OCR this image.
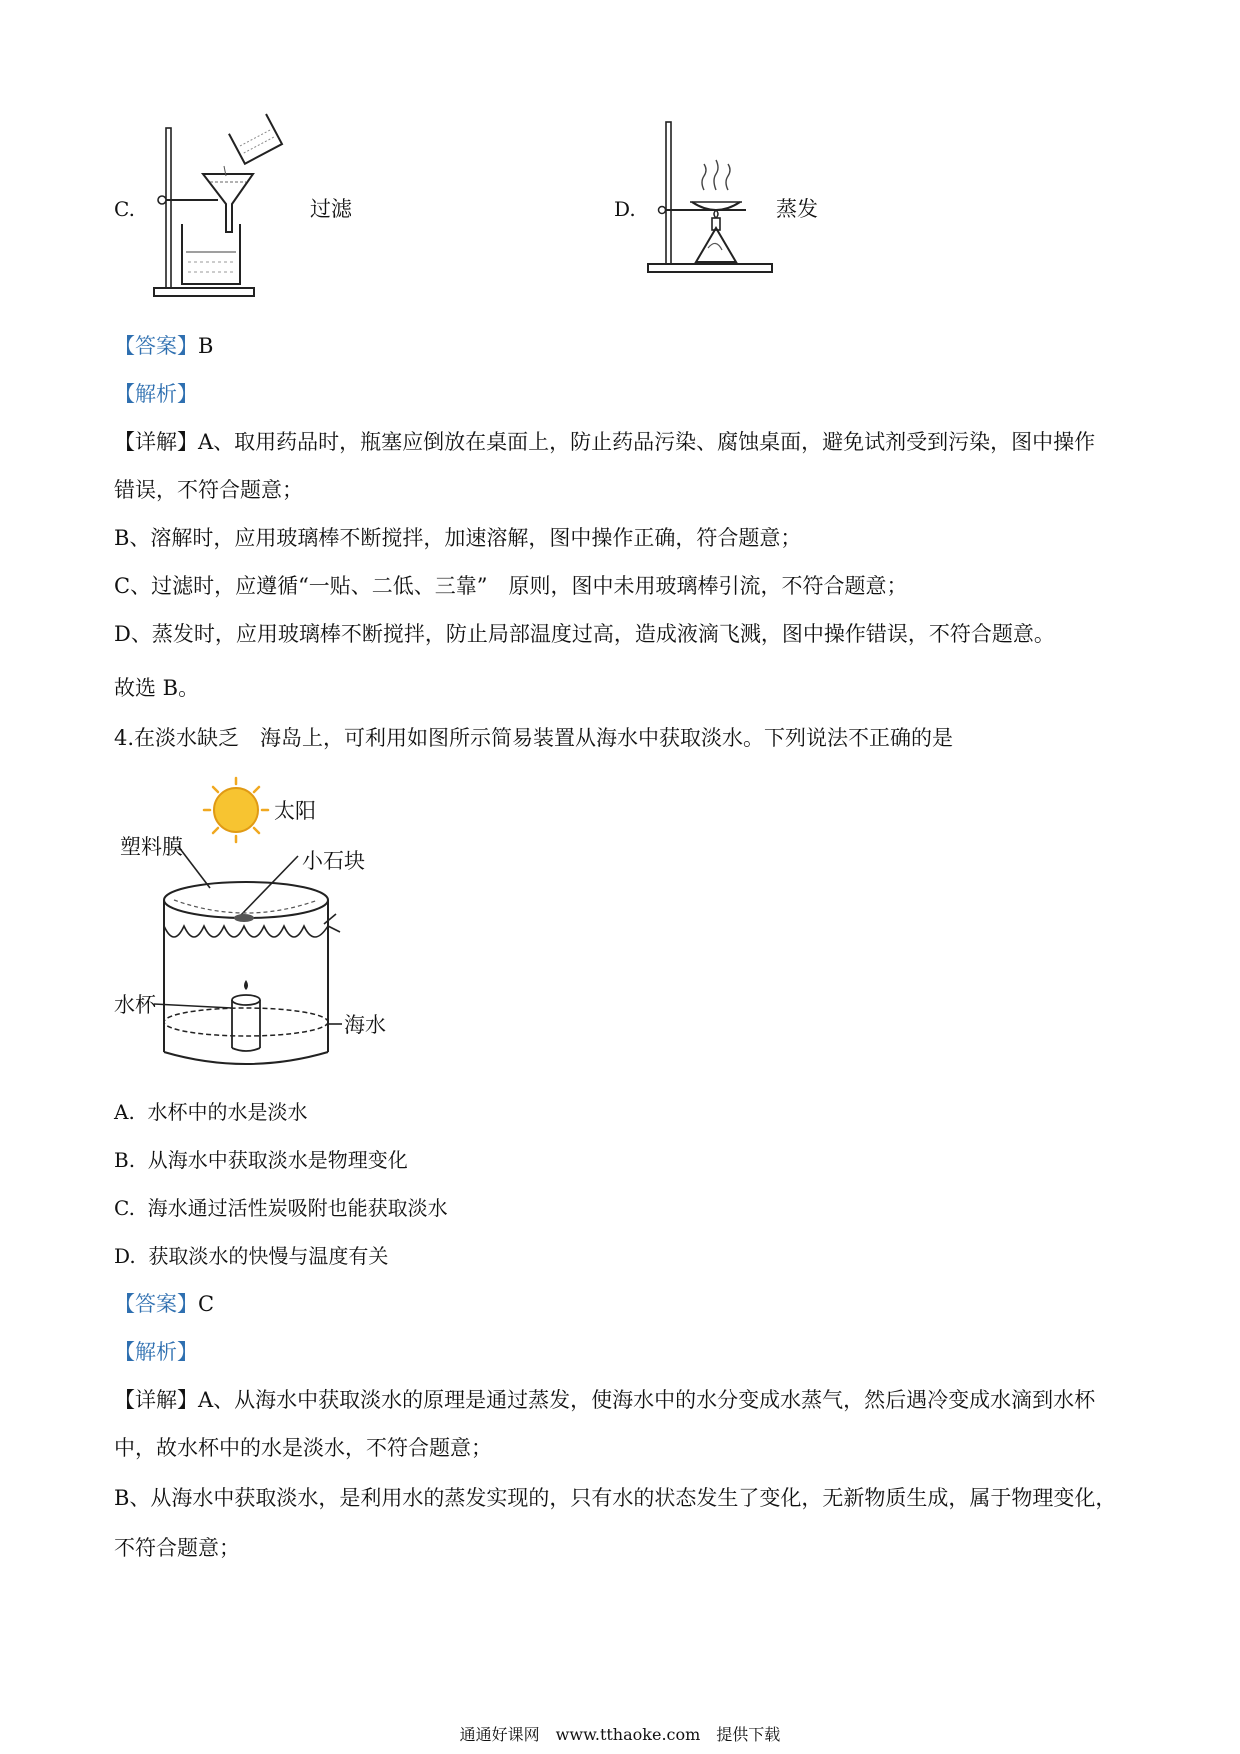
C.	过滤	D.	蒸发
【答案】B
【解析】
【详解】A、取用药品时，瓶塞应倒放在桌面上，防止药品污染、腐蚀桌面，避免试剂受到污染，图中操作
错误，不符合题意；
B、溶解时，应用玻璃棒不断搅拌，加速溶解，图中操作正确，符合题意；
C、过滤时，应遵循“一贴、二低、三靠”　原则，图中未用玻璃棒引流，不符合题意；
D、蒸发时，应用玻璃棒不断搅拌，防止局部温度过高，造成液滴飞溅，图中操作错误，不符合题意。
故选 B。
4.在淡水缺乏　海岛上，可利用如图所示简易装置从海水中获取淡水。下列说法不正确的是
太阳
塑料膜
小石块
水杯
海水
A. 水杯中的水是淡水
B. 从海水中获取淡水是物理变化
C. 海水通过活性炭吸附也能获取淡水
D. 获取淡水的快慢与温度有关
【答案】C
【解析】
【详解】A、从海水中获取淡水的原理是通过蒸发，使海水中的水分变成水蒸气，然后遇冷变成水滴到水杯
中，故水杯中的水是淡水，不符合题意；
B、从海水中获取淡水，是利用水的蒸发实现的，只有水的状态发生了变化，无新物质生成，属于物理变化，
不符合题意；
通通好课网　www.tthaoke.com　提供下载
